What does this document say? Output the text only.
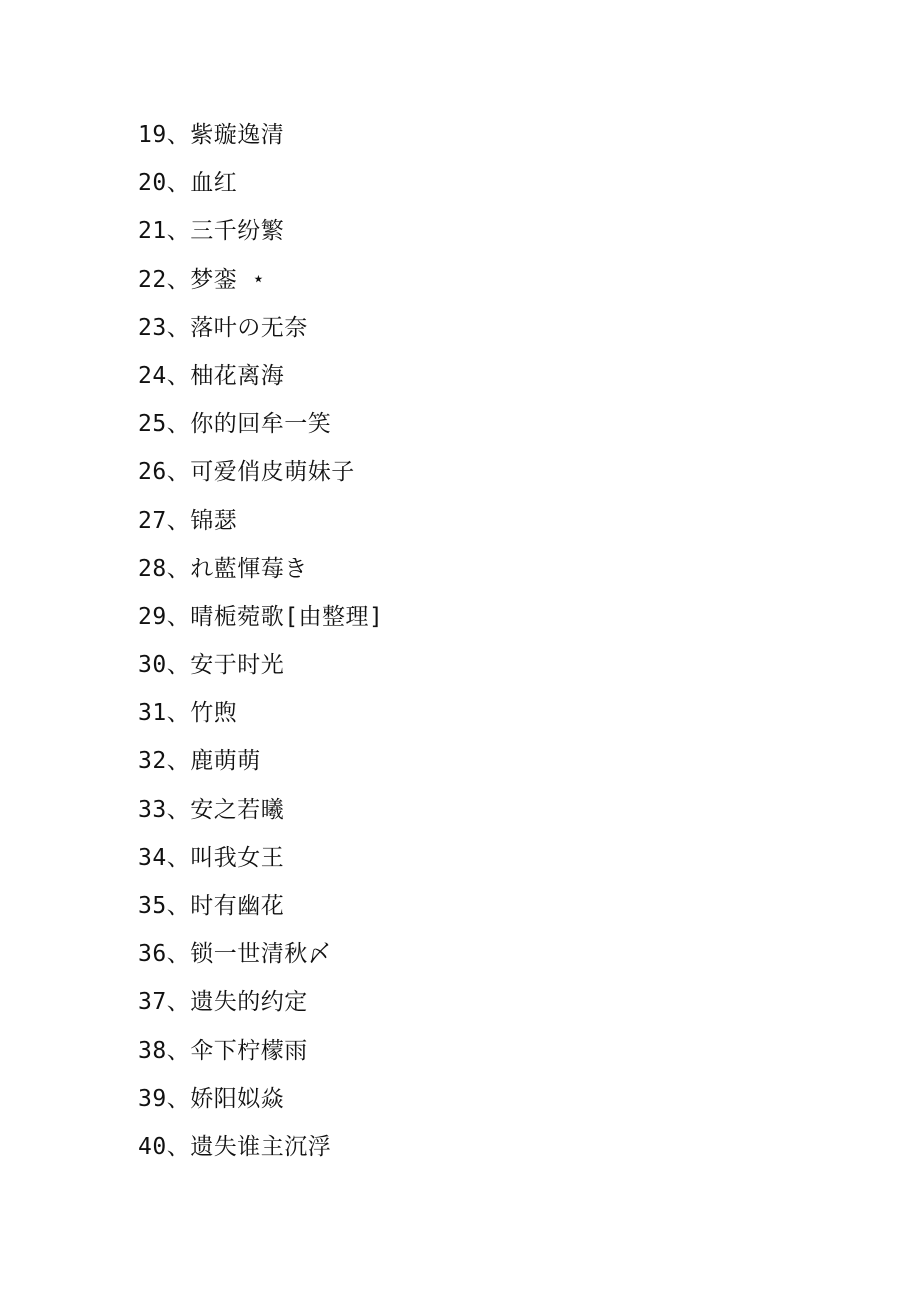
19、紫璇逸清
20、血红
21、三千纷繁
22、梦銮 ⋆
23、落叶の无奈
24、柚花离海
25、你的回牟一笑
26、可爱俏皮萌妹子
27、锦瑟
28、れ藍惲莓き
29、晴栀菀歌[由整理]
30、安于时光
31、竹煦
32、鹿萌萌
33、安之若曦
34、叫我女王
35、时有幽花
36、锁一世清秋〆
37、遗失的约定
38、伞下柠檬雨
39、娇阳姒焱
40、遗失谁主沉浮
